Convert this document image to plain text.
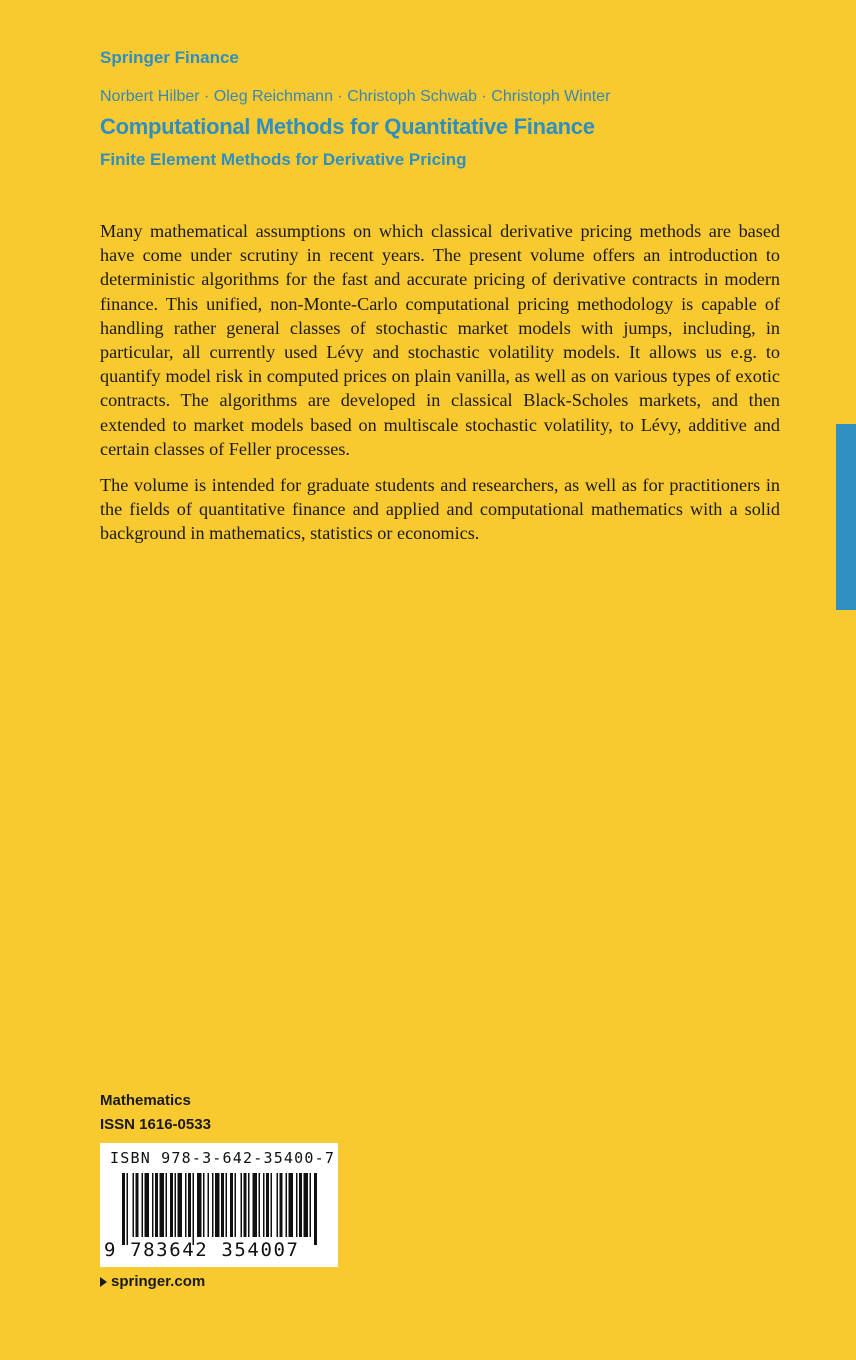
Springer Finance
Norbert Hilber · Oleg Reichmann · Christoph Schwab · Christoph Winter
Computational Methods for Quantitative Finance
Finite Element Methods for Derivative Pricing

Many mathematical assumptions on which classical derivative pricing methods are based have come under scrutiny in recent years. The present volume offers an introduction to deterministic algorithms for the fast and accurate pricing of derivative contracts in modern finance. This unified, non-Monte-Carlo computational pricing methodology is capable of handling rather general classes of stochastic market models with jumps, including, in particular, all currently used Lévy and stochastic volatility models. It allows us e.g. to quantify model risk in computed prices on plain vanilla, as well as on various types of exotic contracts. The algorithms are developed in classical Black-Scholes markets, and then extended to market models based on multiscale stochastic volatility, to Lévy, additive and certain classes of Feller processes.

The volume is intended for graduate students and researchers, as well as for practitioners in the fields of quantitative finance and applied and computational mathematics with a solid background in mathematics, statistics or economics.

Mathematics
ISSN 1616-0533
ISBN 978-3-642-35400-7
9 783642 354007
springer.com
